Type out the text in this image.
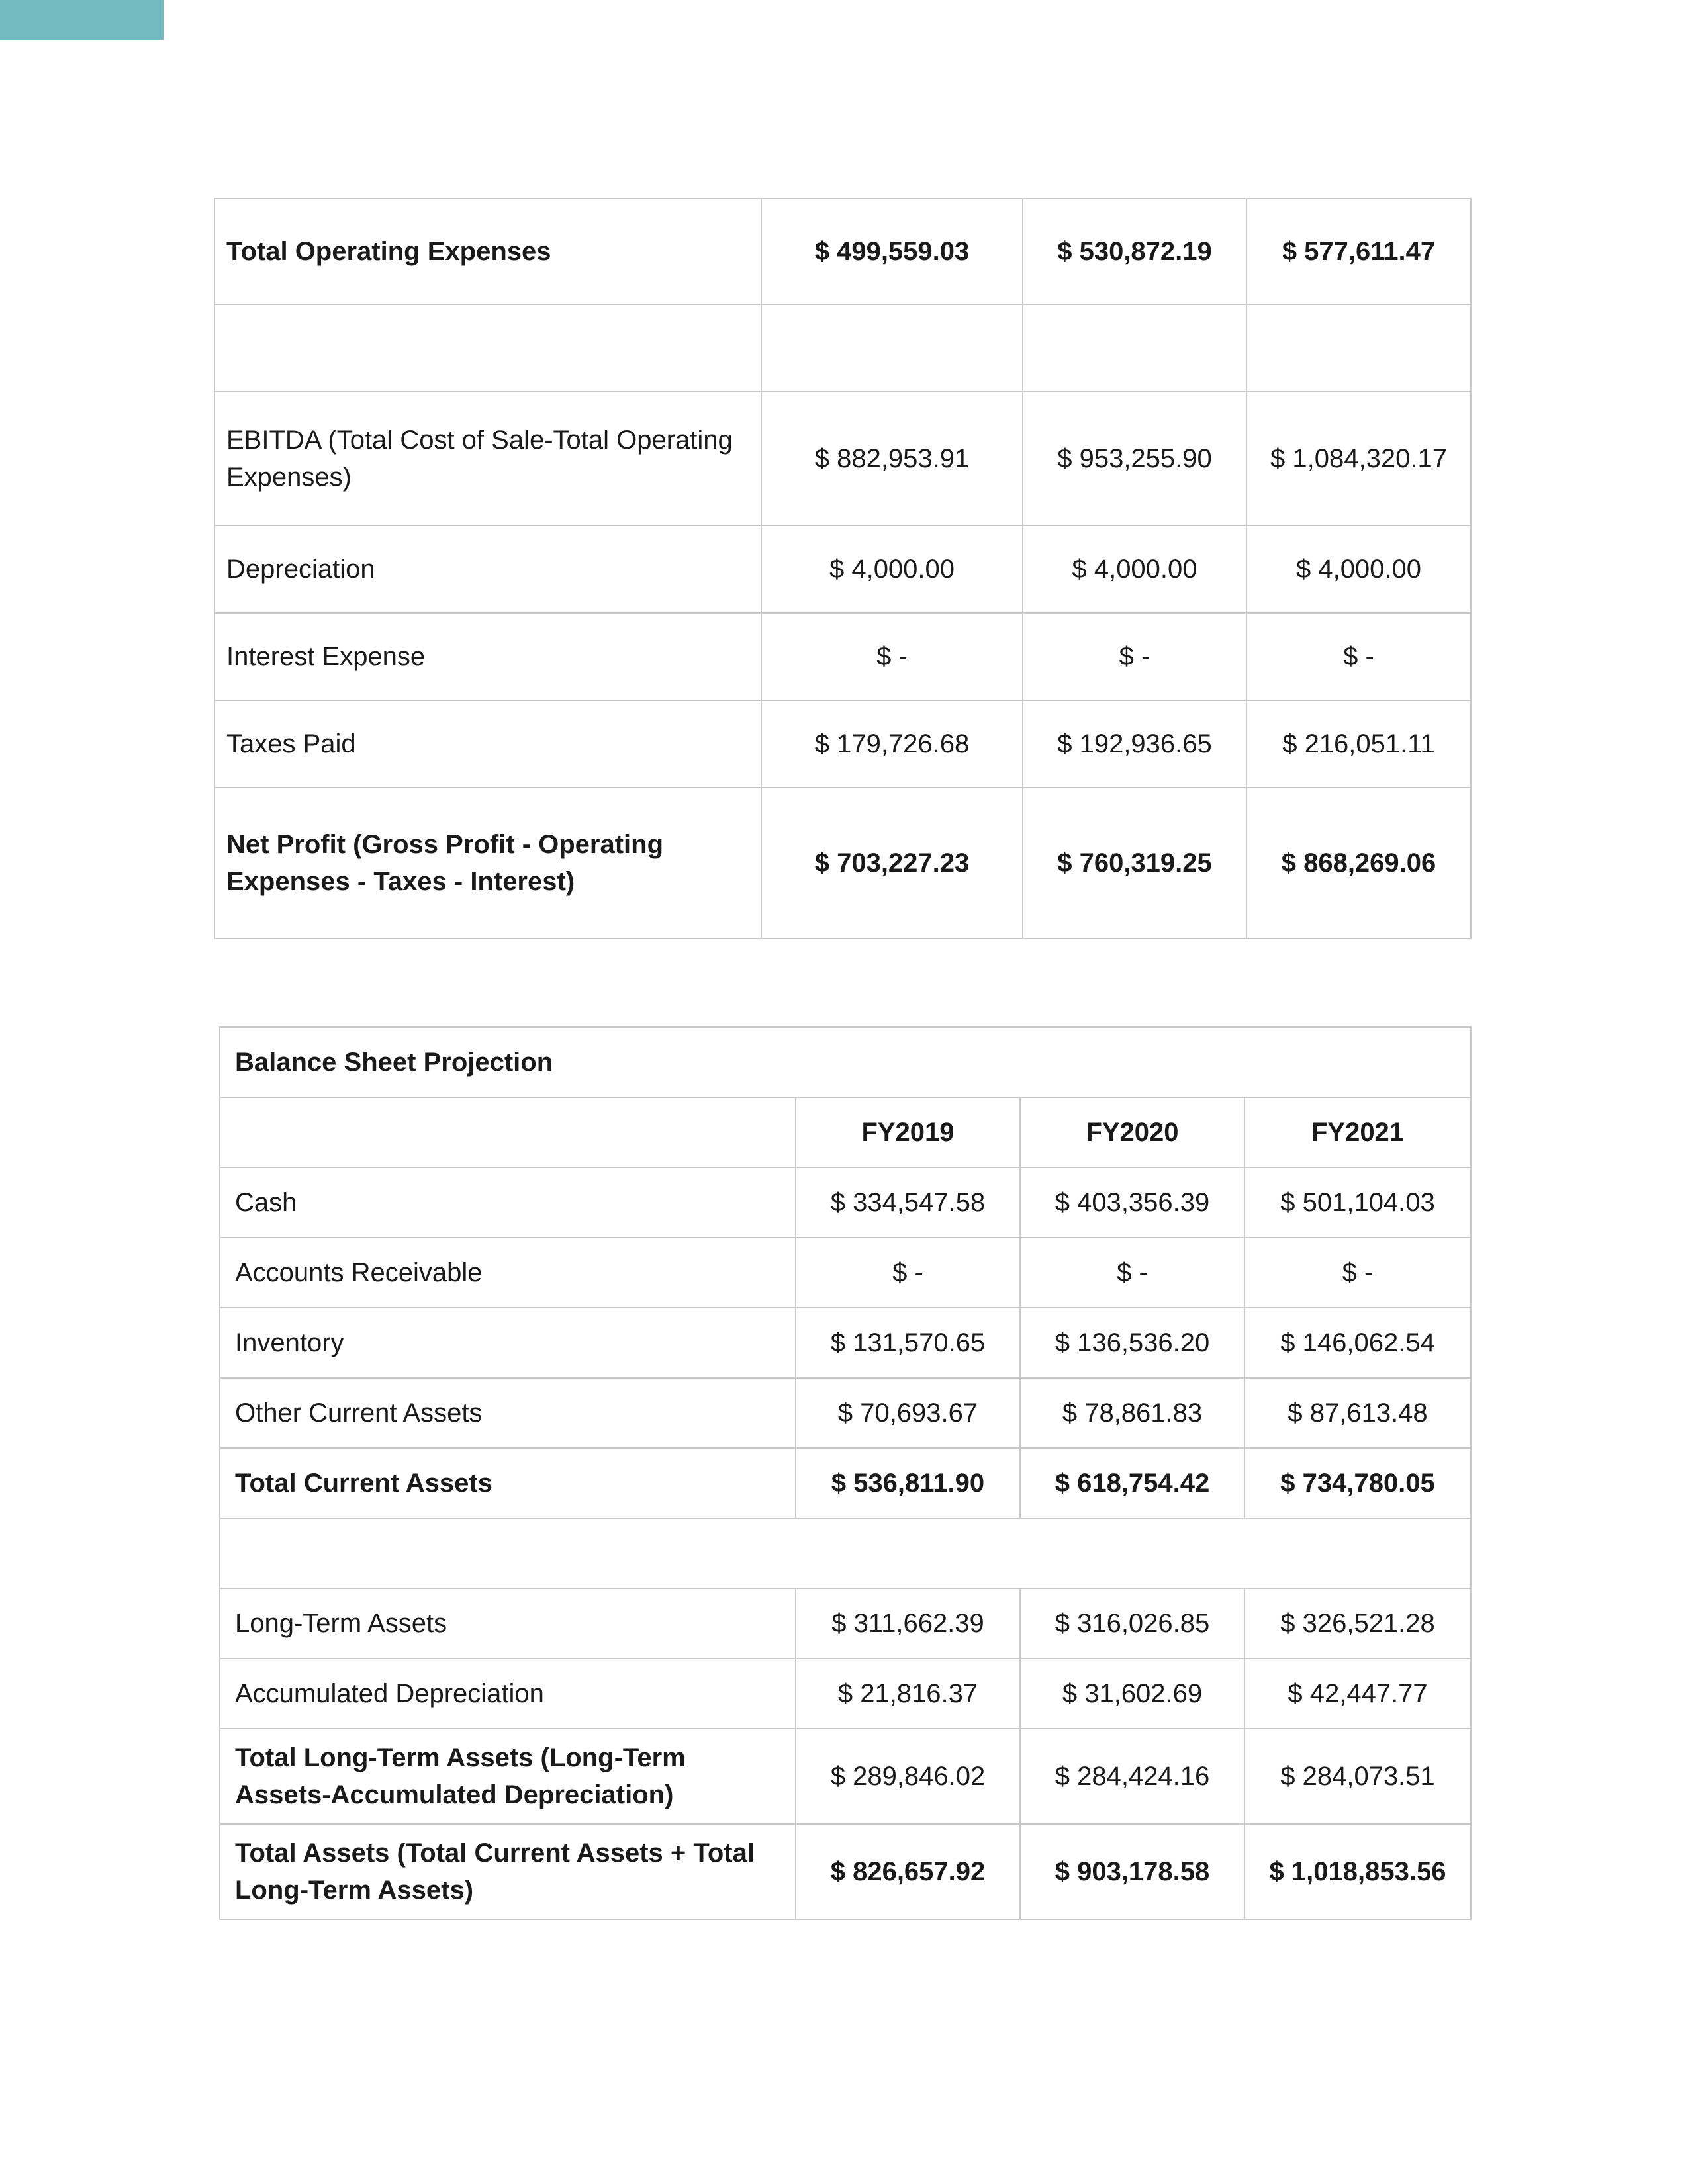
Total Operating Expenses	$ 499,559.03	$ 530,872.19	$ 577,611.47

EBITDA (Total Cost of Sale-Total Operating Expenses)	$ 882,953.91	$ 953,255.90	$ 1,084,320.17
Depreciation	$ 4,000.00	$ 4,000.00	$ 4,000.00
Interest Expense	$ -	$ -	$ -
Taxes Paid	$ 179,726.68	$ 192,936.65	$ 216,051.11
Net Profit (Gross Profit - Operating Expenses - Taxes - Interest)	$ 703,227.23	$ 760,319.25	$ 868,269.06
Balance Sheet Projection			
	FY2019	FY2020	FY2021
Cash	$ 334,547.58	$ 403,356.39	$ 501,104.03
Accounts Receivable	$ -	$ -	$ -
Inventory	$ 131,570.65	$ 136,536.20	$ 146,062.54
Other Current Assets	$ 70,693.67	$ 78,861.83	$ 87,613.48
Total Current Assets	$ 536,811.90	$ 618,754.42	$ 734,780.05

Long-Term Assets	$ 311,662.39	$ 316,026.85	$ 326,521.28
Accumulated Depreciation	$ 21,816.37	$ 31,602.69	$ 42,447.77
Total Long-Term Assets (Long-Term Assets-Accumulated Depreciation)	$ 289,846.02	$ 284,424.16	$ 284,073.51
Total Assets (Total Current Assets + Total Long-Term Assets)	$ 826,657.92	$ 903,178.58	$ 1,018,853.56
